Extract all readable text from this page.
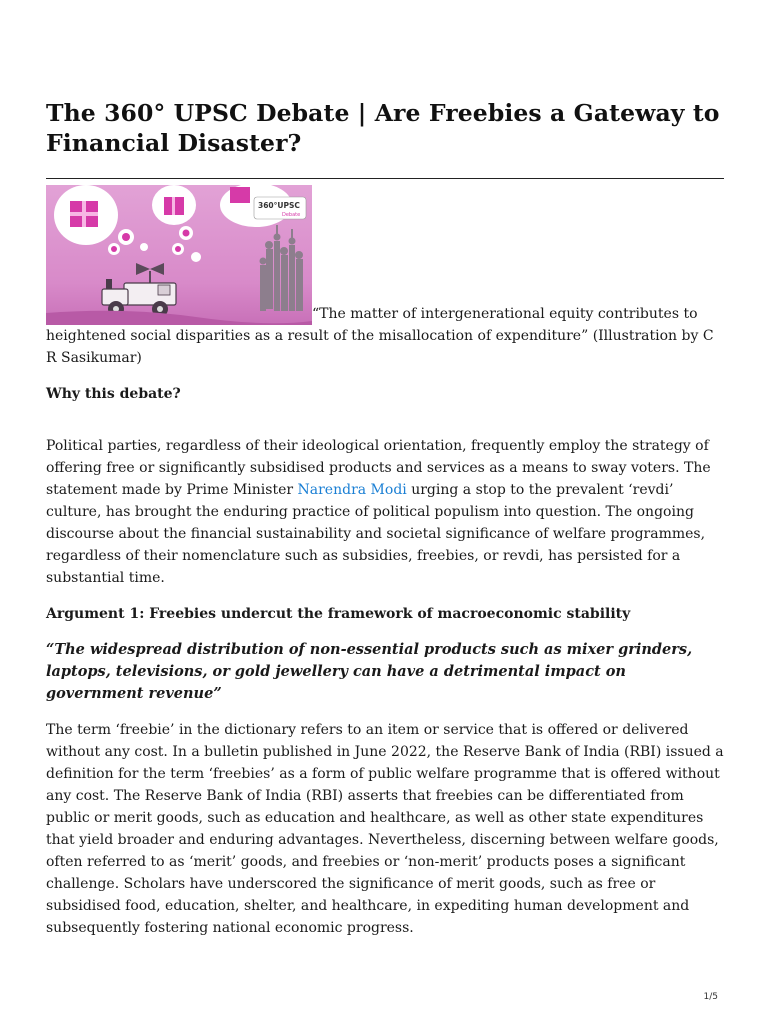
The 360° UPSC Debate | Are Freebies a Gateway to Financial Disaster?
360°UPSC
Debate
“The matter of intergenerational equity contributes to heightened social disparities as a result of the misallocation of expenditure” (Illustration by C R Sasikumar)

Why this debate?

Political parties, regardless of their ideological orientation, frequently employ the strategy of offering free or significantly subsidised products and services as a means to sway voters. The statement made by Prime Minister Narendra Modi urging a stop to the prevalent ‘revdi’ culture, has brought the enduring practice of political populism into question. The ongoing discourse about the financial sustainability and societal significance of welfare programmes, regardless of their nomenclature such as subsidies, freebies, or revdi, has persisted for a substantial time.

Argument 1: Freebies undercut the framework of macroeconomic stability

“The widespread distribution of non-essential products such as mixer grinders, laptops, televisions, or gold jewellery can have a detrimental impact on government revenue”

The term ‘freebie’ in the dictionary refers to an item or service that is offered or delivered without any cost. In a bulletin published in June 2022, the Reserve Bank of India (RBI) issued a definition for the term ‘freebies’ as a form of public welfare programme that is offered without any cost. The Reserve Bank of India (RBI) asserts that freebies can be differentiated from public or merit goods, such as education and healthcare, as well as other state expenditures that yield broader and enduring advantages. Nevertheless, discerning between welfare goods, often referred to as ‘merit’ goods, and freebies or ‘non-merit’ products poses a significant challenge. Scholars have underscored the significance of merit goods, such as free or subsidised food, education, shelter, and healthcare, in expediting human development and subsequently fostering national economic progress.

1/5
